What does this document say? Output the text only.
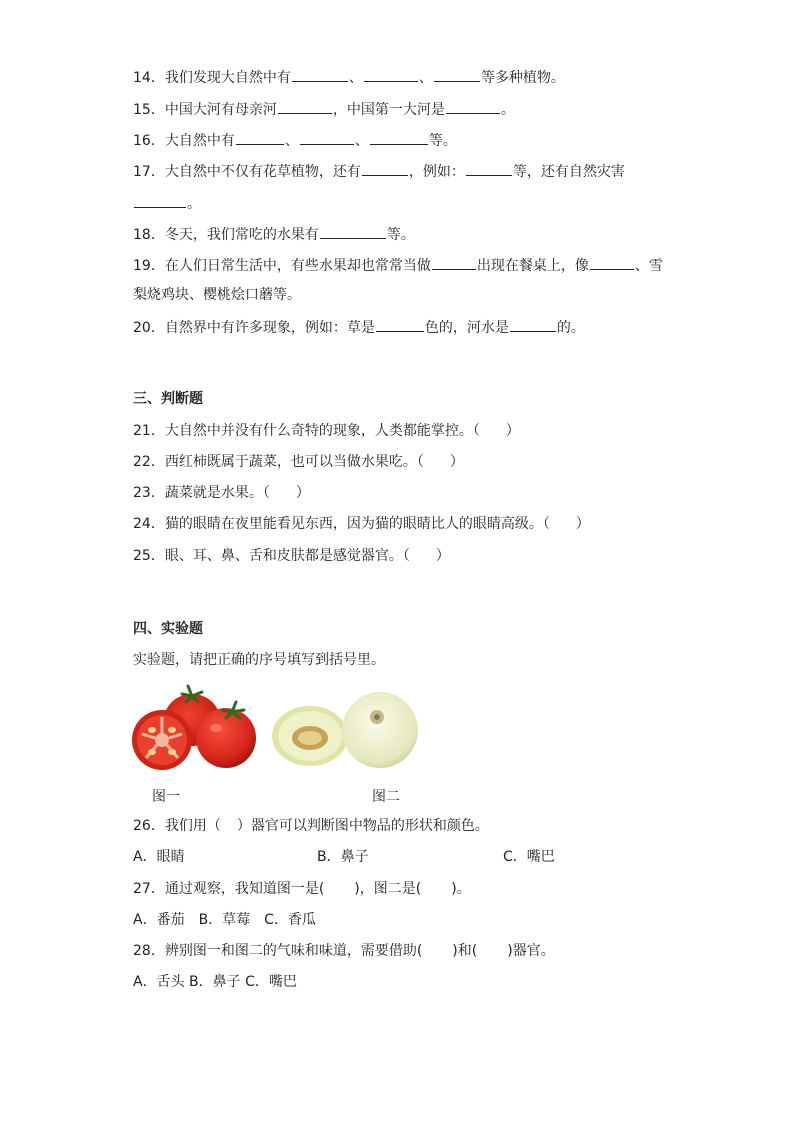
14．我们发现大自然中有	、	、	等多种植物。
15．中国大河有母亲河	，中国第一大河是	。
16．大自然中有	、	、	等。
17．大自然中不仅有花草植物，还有	，例如：	等，还有自然灾害
。
18．冬天，我们常吃的水果有	等。
19．在人们日常生活中，有些水果却也常常当做	出现在餐桌上，像	、雪
梨烧鸡块、樱桃烩口蘑等。
20．自然界中有许多现象，例如：草是	色的，河水是	的。
三、判断题
21．大自然中并没有什么奇特的现象，人类都能掌控。（ ）
22．西红柿既属于蔬菜，也可以当做水果吃。（ ）
23．蔬菜就是水果。（ ）
24．猫的眼睛在夜里能看见东西，因为猫的眼睛比人的眼睛高级。（ ）
25．眼、耳、鼻、舌和皮肤都是感觉器官。（ ）
四、实验题
实验题，请把正确的序号填写到括号里。
图一	图二
26．我们用（ ）器官可以判断图中物品的形状和颜色。
A．眼睛	B．鼻子	C．嘴巴
27．通过观察，我知道图一是( )，图二是( )。
A．番茄　B．草莓　C．香瓜
28．辨别图一和图二的气味和味道，需要借助( )和( )器官。
A．舌头 B．鼻子 C．嘴巴
